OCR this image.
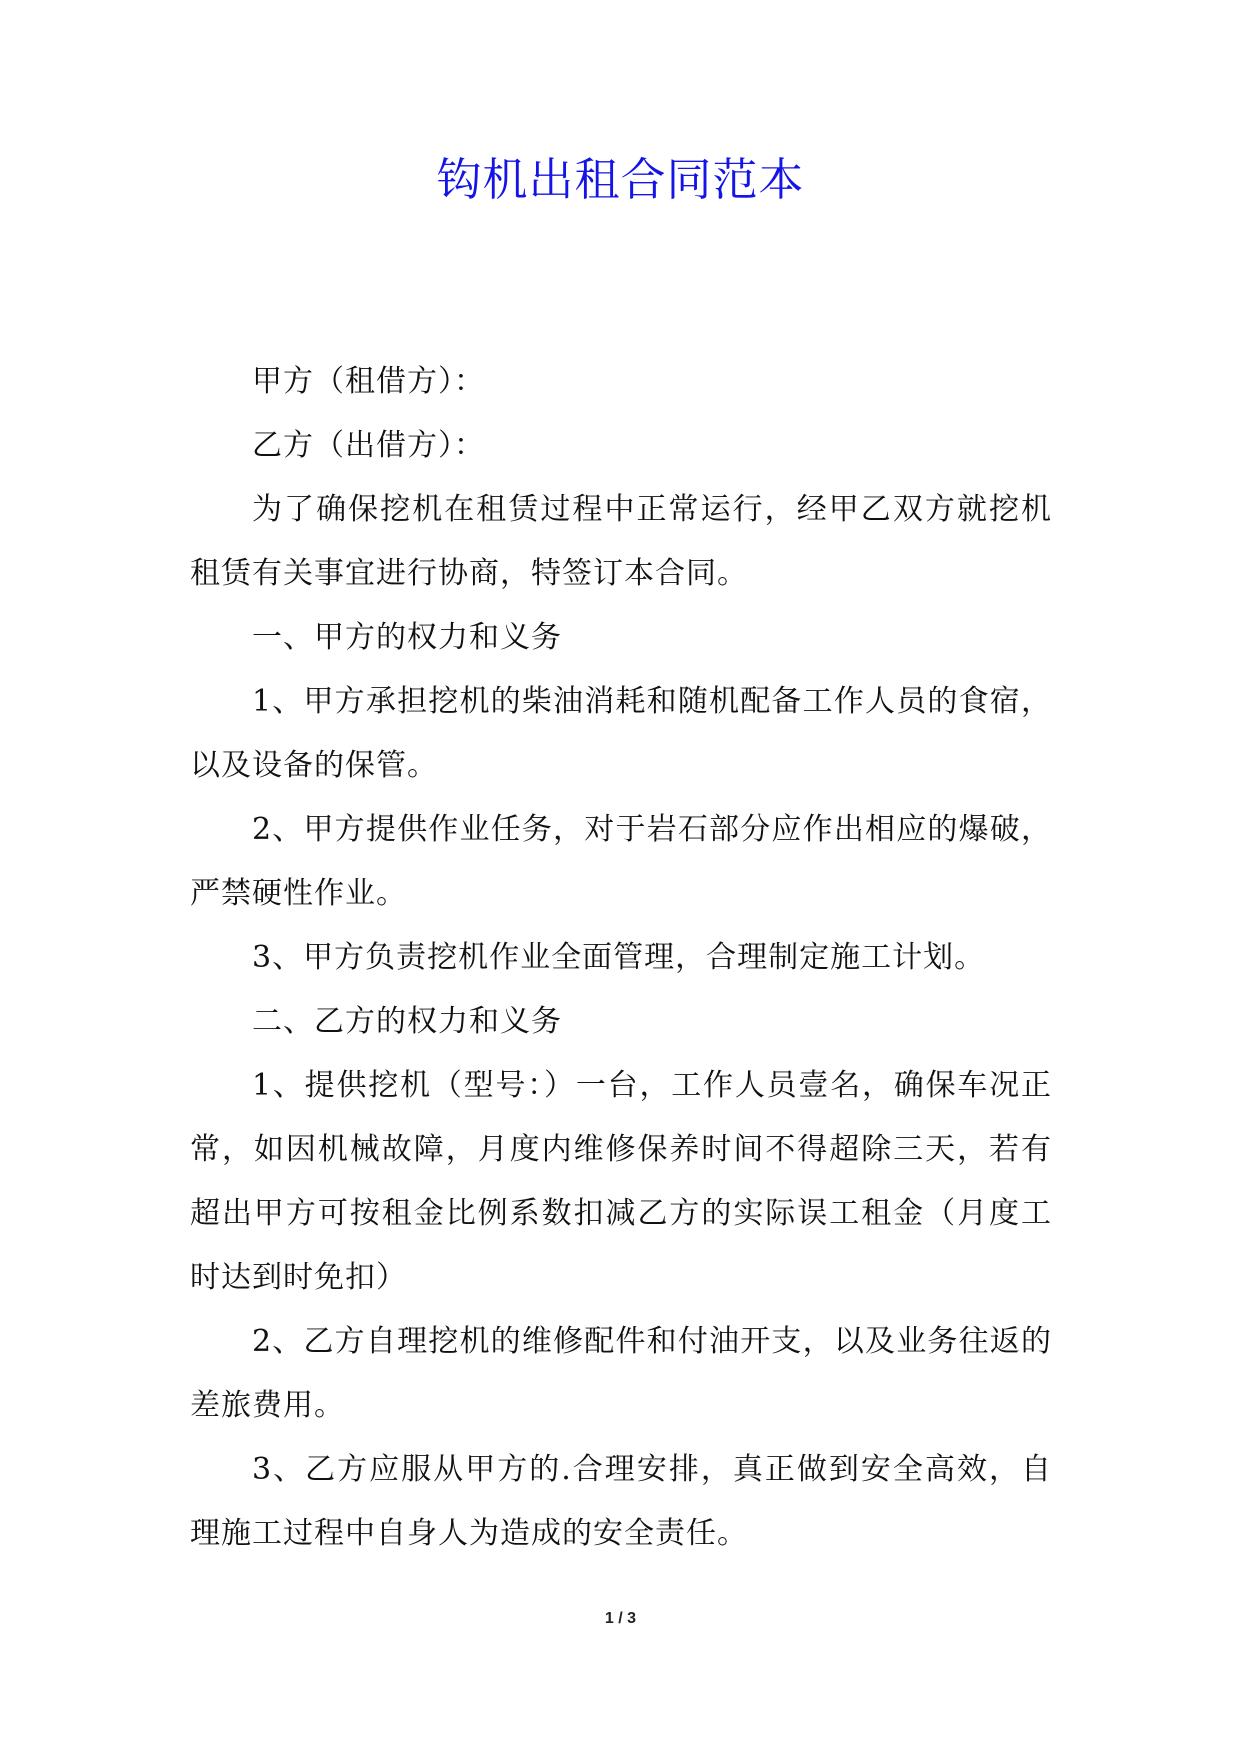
钩机出租合同范本

甲方（租借方）：

乙方（出借方）：

为了确保挖机在租赁过程中正常运行，经甲乙双方就挖机租赁有关事宜进行协商，特签订本合同。

一、甲方的权力和义务

1、甲方承担挖机的柴油消耗和随机配备工作人员的食宿，以及设备的保管。

2、甲方提供作业任务，对于岩石部分应作出相应的爆破，严禁硬性作业。

3、甲方负责挖机作业全面管理，合理制定施工计划。

二、乙方的权力和义务

1、提供挖机（型号：）一台，工作人员壹名，确保车况正常，如因机械故障，月度内维修保养时间不得超除三天，若有超出甲方可按租金比例系数扣减乙方的实际误工租金（月度工时达到时免扣）

2、乙方自理挖机的维修配件和付油开支，以及业务往返的差旅费用。

3、乙方应服从甲方的.合理安排，真正做到安全高效，自理施工过程中自身人为造成的安全责任。

1 / 3
